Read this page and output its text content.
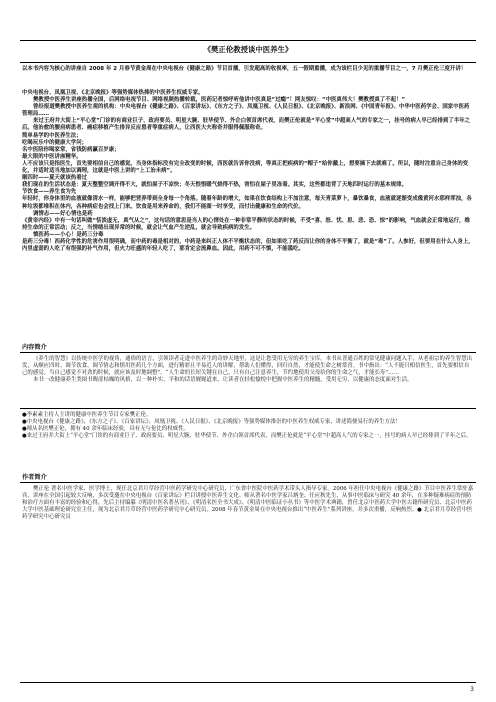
《樊正伦教授谈中医养生》

以本书内容为核心的讲座自 2008 年 2 月春节黄金周在中央电视台《健康之路》节目首播，引发超高的收视率，五一假期重播，成为该栏目少见的重播节目之一，7 月樊正伦三度开讲！

中央电视台、凤凰卫视、《北京晚报》等强势媒体热捧的中医养生权威专家。

樊教授中医养生讲座热播全国，后网络电视节目、网络视频热播转载，医药记者惊呼听他讲中医真是“过瘾”！网友惊叹：“中医真伟大！樊教授真了不起！”

曾经报道樊教授中医养生观的机构：中央电视台《健康之路》、《百家讲坛》、《东方之子》、凤凰卫视、《人民日报》、《北京晚报》、新浪网、《中国青年报》、中华中医药学会、国家中医药管理局……

来过王府井大街上“平心堂”门诊的有商业巨子、政府要员、明星大腕、驻华使节、外企白领首席代表，而樊正伦就是“平心堂”中超高人气的专家之一，挂号的病人早已经排到了半年之后。他治愈的腰肩病患者、癌症移植产生排异反应患者等重症病人，让西医大夫称奇并服得佩服称奇。

简单易学的中医养生法；

吃喝玩乐中的健康大学问；

名中医陪你喝家常，省钱防病赢百岁康；

最大限的中医讲座精华。

人不应该只是指医生，首先要相信自己的感觉。当身体指标没有完全改变的时候，西医就告诉你没病，等真正把疾病的“帽子”给你戴上，想要摘下去就难了。所以，随时注意自己身体的变化，并适时适当地加以调理，这就是中医上讲的“上工治未病”。

顺四时——夏天就该热着过

我们现在的生活状态是：夏天整整空调开得不大，就怕屋子不凉快；冬天恨恨暖气烧得不热，害怕在屋子里冻着。其实，这些都违背了天地四时运行的基本规律。

节饮食——养生食为先

年轻时，你身体里的血液就像清水一样，能够把营养带到全身每一个角落。随着年龄的增大，如果在饮食结构上不加注意，每天青菜萝卜，暴饮暴食，血液就逐渐变成像黄河水那样浑浊，各种垃圾都堆积在体内，各种病症也会找上门来。饮食是用来养命的，我们不能图一时享受，而付出健康和生命的代价。

调情志——好心情也是药

《黄帝内经》中有一句话叫做“恬淡虚无，真气从之”，这句话的意思是当人的心情处在一种非常平静的状态的时候，不受“喜、怒、忧、思、悲、恐、惊”的影响，气血就会正常地运行，维持生命的正常活动；反之，当情绪出现异常的时候，就会让气血产生逆乱，就会导致疾病的发生。

慎医药——小心！是药三分毒

是药三分毒！西药化学性的危害作用很明确，而中药的毒是相对的，中药是来纠正人体不平衡状态的，但如果吃了药反而让你的身体不平衡了，就是“毒”了。人参好，但要用在什么人身上，内里虚弱的人吃了有很强的补气作用，但火力旺盛的年轻人吃了，那肯定会流鼻血。因此，用药不可不慎，不能滥吃。

内容简介

《养生的智慧》以传统中医学的视角，通俗的语言，引领读者走进中医养生的奇妙天地里，这是让您受用无穷的养生宝库。本书从普通百姓的常见健康问题入手，从老祖宗的养生智慧出发，从顺应四时、调节饮食、调节情志和慎用医药几个方面，进行精彩且平易近人的讲解，帮助人们懂得，回归自然，才能使生命之树常青。书中指出：“人不能只相信医生，首先要相信自己的感觉。当自己感觉不对劲的时候，就应该及时地调整”，“人生命的长短关键在自己，只有自己注意养生，节约地使用父母给你的生命之气，才能长寿”……

本书一改健康养生类图书晦涩枯燥的风格，以一种朴实、平和的话语娓娓道来，让读者在轻松愉悦中把握中医养生的精髓，受用无穷，以健康的态度面对生活。

●李素素主持人主讲的健康中医养生节目专家樊正伦。

●中央电视台《健康之路》、《东方之子》、《百家讲坛》、凤凰卫视、《人民日报》、《北京晚报》等强势媒体推崇的中医养生权威专家，讲述简便易行的养生方法！

●师从名医樊正伦，拥有 40 余年临床经验，具有无与伦比的权威性。

●来过王府井大街上“平心堂”门诊的有商业巨子、政府要员、明星大腕、驻华使节、外企白领首席代表，而樊正伦就是“平心堂”中超高人气的专家之一，挂号的病人早已经排到了半年之后。

作者简介

樊正伦 著名中医学家、医学博士，现任北京君月草经营中医药学研究中心研究员，广东省中医院中医药学术带头人指导专家。2006 年担任中央电视台《健康之路》节目中医养生常驻嘉宾，讲座在全国引起较大反响，多次受邀在中央电视台《百家讲坛》栏目讲授中医养生文化。师从著名中医学家吕炳奎、任应秋先生，从事中医临床与研究 40 余年，在多种疑难病症的预防和治疗方面有丰富的经验和心得，先后主持编纂《明清中医名著丛刊》、《明清名医全书大成》、《明清中医临证小丛书》等中医学术典籍，曾任北京中医药大学中医古籍所研究员、北京中医药大学中医基础理论研究室主任，现为北京君月草经营中医药学研究中心研究员，2008 年春节黄金周在中央电视台推出“中医养生”系列讲座，并多次重播，反响热烈。● 北京君月草经营中医药学研究中心研究员

3
